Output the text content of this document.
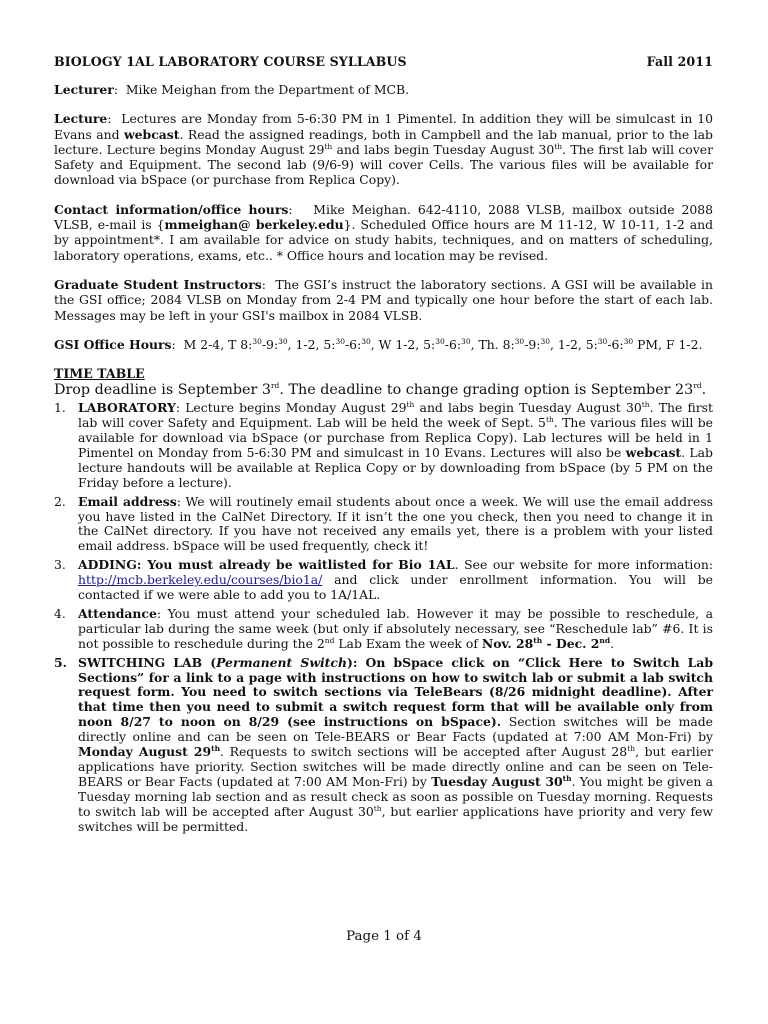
BIOLOGY 1AL LABORATORY COURSE SYLLABUS	Fall 2011

Lecturer:  Mike Meighan from the Department of MCB.

Lecture:  Lectures are Monday from 5-6:30 PM in 1 Pimentel. In addition they will be simulcast in 10 Evans and webcast. Read the assigned readings, both in Campbell and the lab manual, prior to the lab lecture. Lecture begins Monday August 29th and labs begin Tuesday August 30th. The first lab will cover Safety and Equipment. The second lab (9/6-9) will cover Cells. The various files will be available for download via bSpace (or purchase from Replica Copy).

Contact information/office hours:   Mike Meighan. 642-4110, 2088 VLSB, mailbox outside 2088 VLSB, e-mail is {mmeighan@ berkeley.edu}. Scheduled Office hours are M 11-12, W 10-11, 1-2 and by appointment*. I am available for advice on study habits, techniques, and on matters of scheduling, laboratory operations, exams, etc.. * Office hours and location may be revised.

Graduate Student Instructors:  The GSI’s instruct the laboratory sections. A GSI will be available in the GSI office; 2084 VLSB on Monday from 2-4 PM and typically one hour before the start of each lab. Messages may be left in your GSI's mailbox in 2084 VLSB.

GSI Office Hours:  M 2-4, T 8:$^{30}$-9:$^{30}$, 1-2, 5:$^{30}$-6:$^{30}$, W 1-2, 5:$^{30}$-6:$^{30}$, Th. 8:$^{30}$-9:$^{30}$, 1-2, 5:$^{30}$-6:$^{30}$ PM, F 1-2.

TIME TABLE

Drop deadline is September 3rd. The deadline to change grading option is September 23rd.

1. LABORATORY: Lecture begins Monday August 29th and labs begin Tuesday August 30th. The first lab will cover Safety and Equipment. Lab will be held the week of Sept. 5th. The various files will be available for download via bSpace (or purchase from Replica Copy). Lab lectures will be held in 1 Pimentel on Monday from 5-6:30 PM and simulcast in 10 Evans. Lectures will also be webcast. Lab lecture handouts will be available at Replica Copy or by downloading from bSpace (by 5 PM on the Friday before a lecture).
2. Email address: We will routinely email students about once a week. We will use the email address you have listed in the CalNet Directory. If it isn’t the one you check, then you need to change it in the CalNet directory. If you have not received any emails yet, there is a problem with your listed email address. bSpace will be used frequently, check it!
3. ADDING: You must already be waitlisted for Bio 1AL. See our website for more information: http://mcb.berkeley.edu/courses/bio1a/ and click under enrollment information. You will be contacted if we were able to add you to 1A/1AL.
4. Attendance: You must attend your scheduled lab. However it may be possible to reschedule, a particular lab during the same week (but only if absolutely necessary, see “Reschedule lab” #6. It is not possible to reschedule during the 2nd Lab Exam the week of Nov. 28th - Dec. 2nd.
5. SWITCHING LAB (Permanent Switch): On bSpace click on “Click Here to Switch Lab Sections” for a link to a page with instructions on how to switch lab or submit a lab switch request form. You need to switch sections via TeleBears (8/26 midnight deadline). After that time then you need to submit a switch request form that will be available only from noon 8/27 to noon on 8/29 (see instructions on bSpace). Section switches will be made directly online and can be seen on Tele-BEARS or Bear Facts (updated at 7:00 AM Mon-Fri) by Monday August 29th. Requests to switch sections will be accepted after August 28th, but earlier applications have priority. Section switches will be made directly online and can be seen on Tele-BEARS or Bear Facts (updated at 7:00 AM Mon-Fri) by Tuesday August 30th. You might be given a Tuesday morning lab section and as result check as soon as possible on Tuesday morning. Requests to switch lab will be accepted after August 30th, but earlier applications have priority and very few switches will be permitted.
Page 1 of 4
